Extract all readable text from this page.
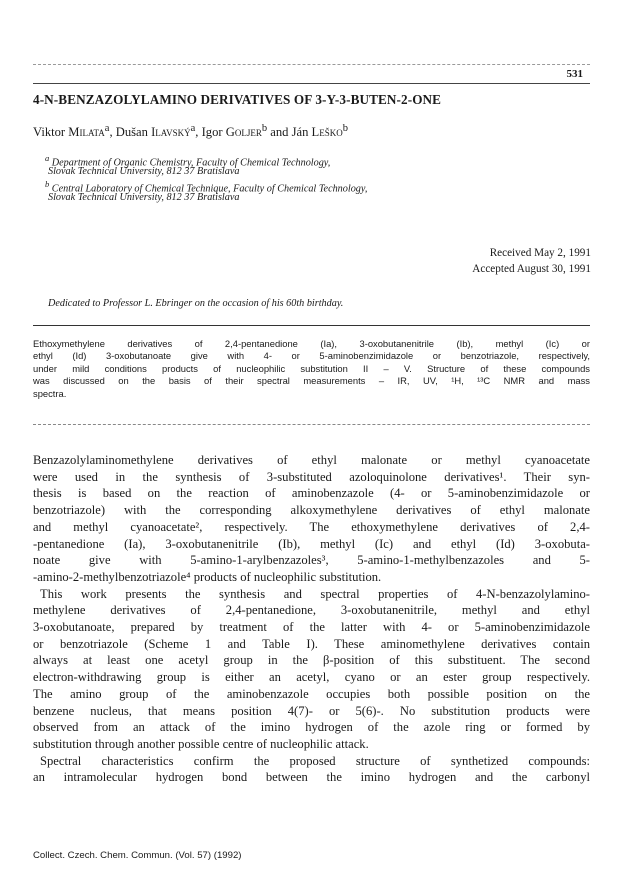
531
4-N-BENZAZOLYLAMINO DERIVATIVES OF 3-Y-3-BUTEN-2-ONE
Viktor Milata$^a$, Dušan Ilavský$^a$, Igor Goljer$^b$ and Ján Leško$^b$
$^a$ Department of Organic Chemistry, Faculty of Chemical Technology,
Slovak Technical University, 812 37 Bratislava
$^b$ Central Laboratory of Chemical Technique, Faculty of Chemical Technology,
Slovak Technical University, 812 37 Bratislava
Received May 2, 1991
Accepted August 30, 1991
Dedicated to Professor L. Ebringer on the occasion of his 60th birthday.
Ethoxymethylene derivatives of 2,4-pentanedione (Ia), 3-oxobutanenitrile (Ib), methyl (Ic) or
ethyl (Id) 3-oxobutanoate give with 4- or 5-aminobenzimidazole or benzotriazole, respectively,
under mild conditions products of nucleophilic substitution II – V. Structure of these compounds
was discussed on the basis of their spectral measurements – IR, UV, ¹H, ¹³C NMR and mass
spectra.
Benzazolylaminomethylene derivatives of ethyl malonate or methyl cyanoacetate
were used in the synthesis of 3-substituted azoloquinolone derivatives¹. Their syn-
thesis is based on the reaction of aminobenzazole (4- or 5-aminobenzimidazole or
benzotriazole) with the corresponding alkoxymethylene derivatives of ethyl malonate
and methyl cyanoacetate², respectively. The ethoxymethylene derivatives of 2,4-
-pentanedione (Ia), 3-oxobutanenitrile (Ib), methyl (Ic) and ethyl (Id) 3-oxobuta-
noate give with 5-amino-1-arylbenzazoles³, 5-amino-1-methylbenzazoles and 5-
-amino-2-methylbenzotriazole⁴ products of nucleophilic substitution.
This work presents the synthesis and spectral properties of 4-N-benzazolylamino-
methylene derivatives of 2,4-pentanedione, 3-oxobutanenitrile, methyl and ethyl
3-oxobutanoate, prepared by treatment of the latter with 4- or 5-aminobenzimidazole
or benzotriazole (Scheme 1 and Table I). These aminomethylene derivatives contain
always at least one acetyl group in the β-position of this substituent. The second
electron-withdrawing group is either an acetyl, cyano or an ester group respectively.
The amino group of the aminobenzazole occupies both possible position on the
benzene nucleus, that means position 4(7)- or 5(6)-. No substitution products were
observed from an attack of the imino hydrogen of the azole ring or formed by
substitution through another possible centre of nucleophilic attack.
Spectral characteristics confirm the proposed structure of synthetized compounds:
an intramolecular hydrogen bond between the imino hydrogen and the carbonyl
Collect. Czech. Chem. Commun. (Vol. 57) (1992)
